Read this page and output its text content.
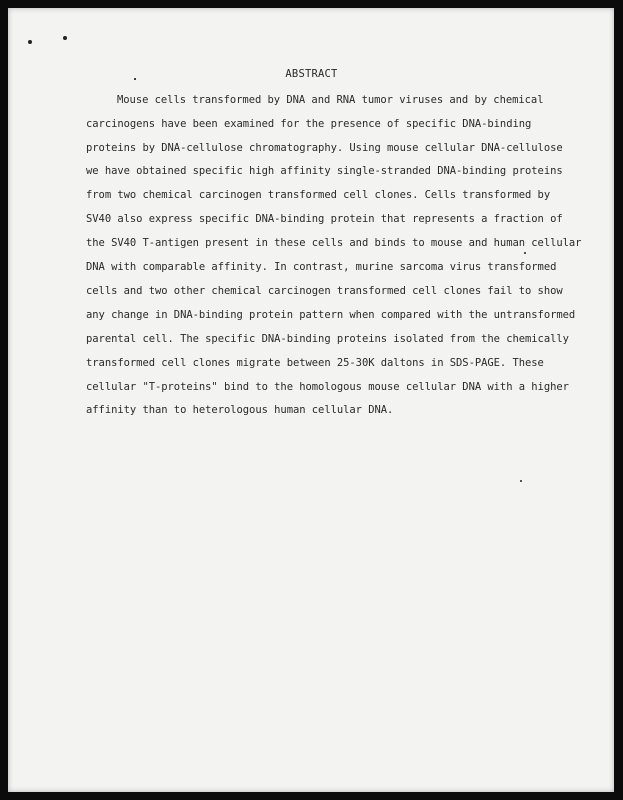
ABSTRACT
Mouse cells transformed by DNA and RNA tumor viruses and by chemical
carcinogens have been examined for the presence of specific DNA-binding
proteins by DNA-cellulose chromatography. Using mouse cellular DNA-cellulose
we have obtained specific high affinity single-stranded DNA-binding proteins
from two chemical carcinogen transformed cell clones. Cells transformed by
SV40 also express specific DNA-binding protein that represents a fraction of
the SV40 T-antigen present in these cells and binds to mouse and human cellular
DNA with comparable affinity. In contrast, murine sarcoma virus transformed
cells and two other chemical carcinogen transformed cell clones fail to show
any change in DNA-binding protein pattern when compared with the untransformed
parental cell. The specific DNA-binding proteins isolated from the chemically
transformed cell clones migrate between 25-30K daltons in SDS-PAGE. These
cellular "T-proteins" bind to the homologous mouse cellular DNA with a higher
affinity than to heterologous human cellular DNA.
